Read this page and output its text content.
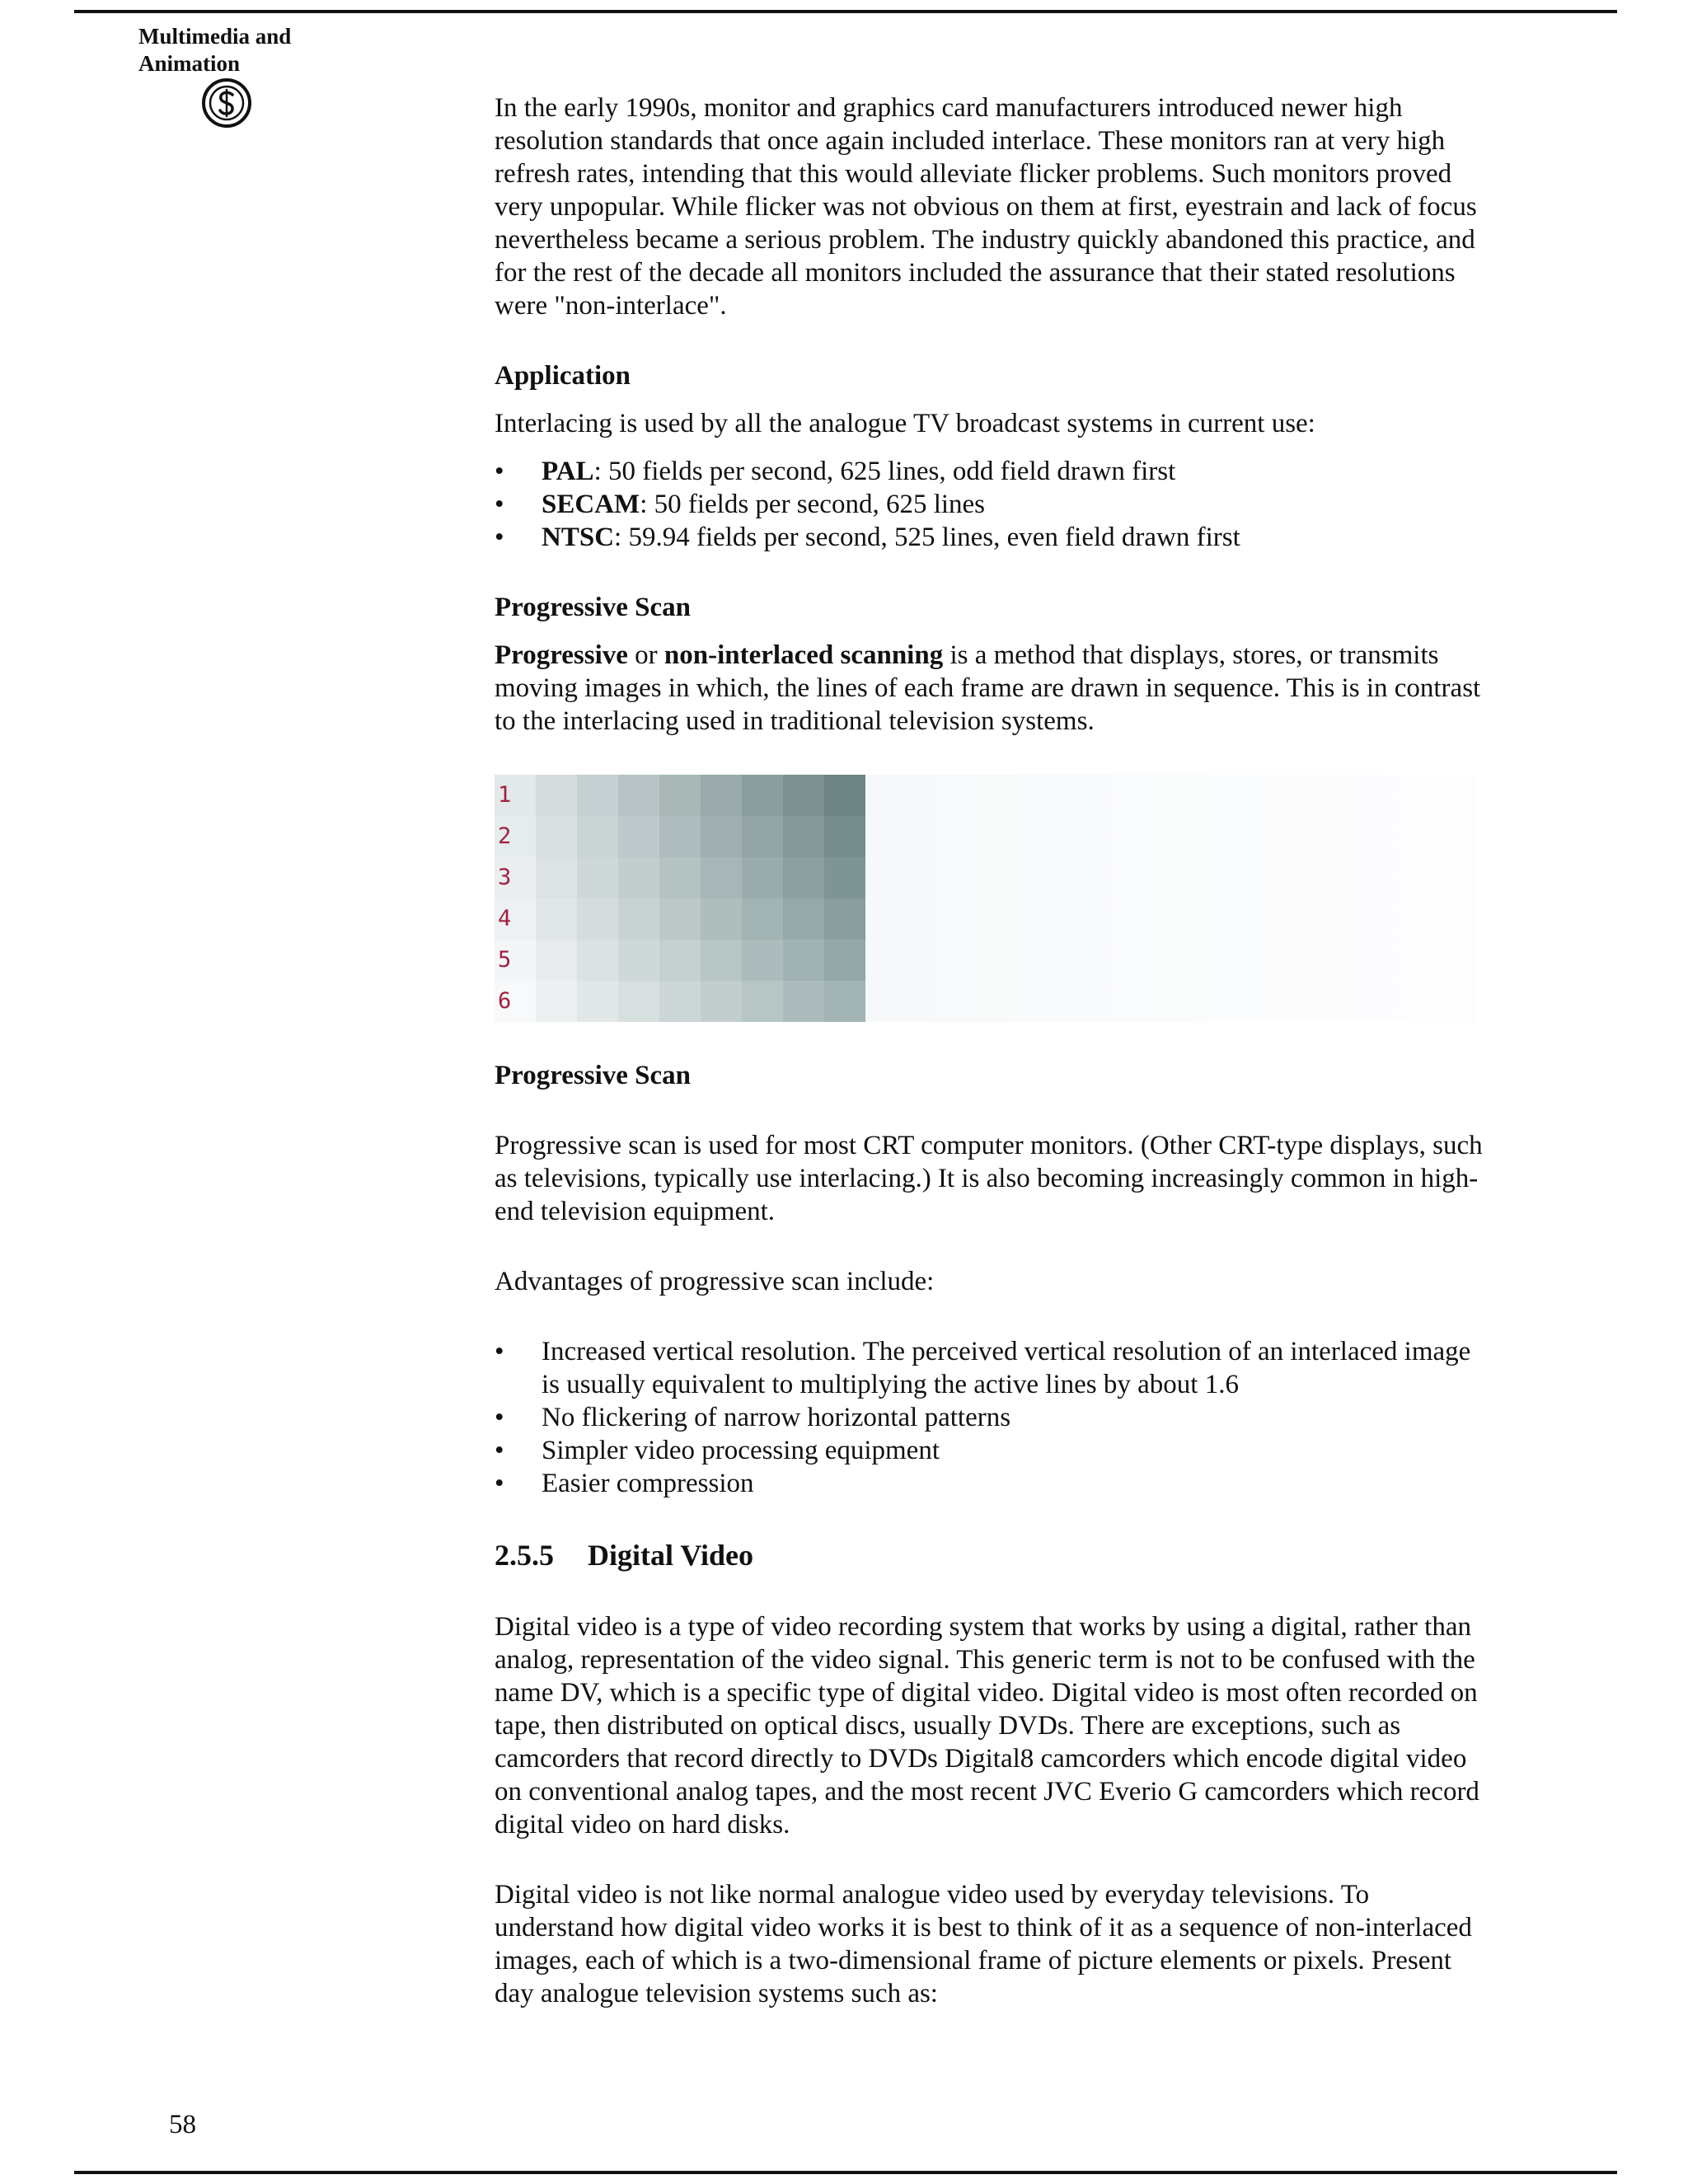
Multimedia and
Animation

In the early 1990s, monitor and graphics card manufacturers introduced newer high resolution standards that once again included interlace. These monitors ran at very high refresh rates, intending that this would alleviate flicker problems. Such monitors proved very unpopular. While flicker was not obvious on them at first, eyestrain and lack of focus nevertheless became a serious problem. The industry quickly abandoned this practice, and for the rest of the decade all monitors included the assurance that their stated resolutions were "non-interlace".

Application

Interlacing is used by all the analogue TV broadcast systems in current use:

• PAL: 50 fields per second, 625 lines, odd field drawn first
• SECAM: 50 fields per second, 625 lines
• NTSC: 59.94 fields per second, 525 lines, even field drawn first

Progressive Scan

Progressive or non-interlaced scanning is a method that displays, stores, or transmits moving images in which, the lines of each frame are drawn in sequence. This is in contrast to the interlacing used in traditional television systems.

1
2
3
4
5
6

Progressive Scan

Progressive scan is used for most CRT computer monitors. (Other CRT-type displays, such as televisions, typically use interlacing.) It is also becoming increasingly common in high-end television equipment.

Advantages of progressive scan include:

• Increased vertical resolution. The perceived vertical resolution of an interlaced image is usually equivalent to multiplying the active lines by about 1.6
• No flickering of narrow horizontal patterns
• Simpler video processing equipment
• Easier compression

2.5.5 Digital Video

Digital video is a type of video recording system that works by using a digital, rather than analog, representation of the video signal. This generic term is not to be confused with the name DV, which is a specific type of digital video. Digital video is most often recorded on tape, then distributed on optical discs, usually DVDs. There are exceptions, such as camcorders that record directly to DVDs Digital8 camcorders which encode digital video on conventional analog tapes, and the most recent JVC Everio G camcorders which record digital video on hard disks.

Digital video is not like normal analogue video used by everyday televisions. To understand how digital video works it is best to think of it as a sequence of non-interlaced images, each of which is a two-dimensional frame of picture elements or pixels. Present day analogue television systems such as:

58
